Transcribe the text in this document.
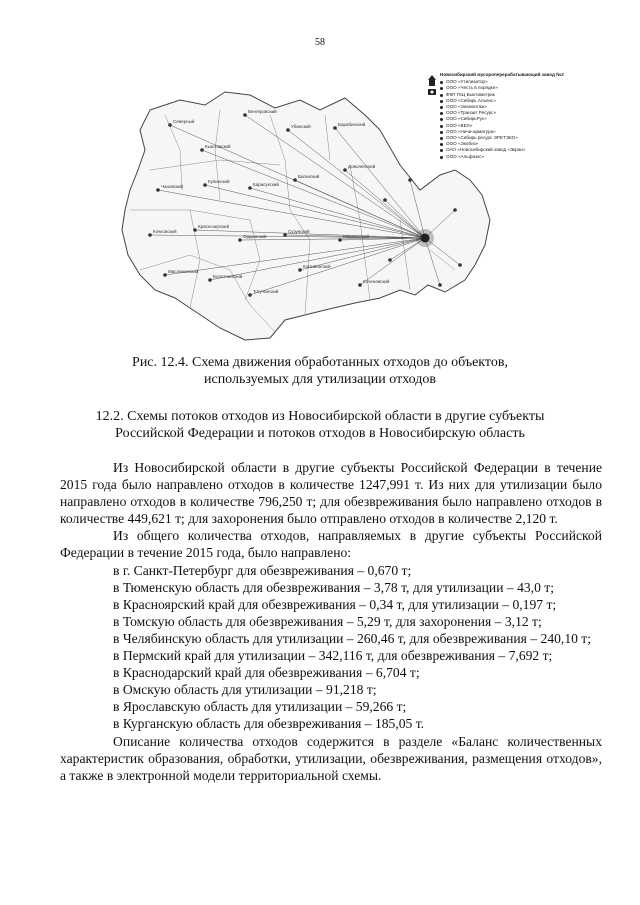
58
Северный
Кыштовский
Венгеровский
Убинский	Барабинский
Чановский
Купинский
Карасукский
Баганский
Доволенский
Кочковский
Краснозерский
Ордынский
Сузунский
Маслянинский
Болотнинский
Тогучинский
Колыванский
Мошковский
Коченевский
Новосибирский мусороперерабатывающий завод №2
ООО «Утилизатор»
ООО «Честь в порядке»
ФКП ГКЦ Бьютиметрик
ООО «Сибирь Альянс»
ООО «Экомонтаж»
ООО «Транзит Ресурс»
ООО «СибирьРус»
ООО «ВЕЛ»
ООО «Ничи-арматура»
ООО «Сибирь ресурс ЭРЕТЭКО»
ООО «Экобиз»
ОАО «Новосибирский завод «Экран»
ООО «Альфаэкс»
Рис. 12.4. Схема движения обработанных отходов до объектов,
используемых для утилизации отходов
12.2. Схемы потоков отходов из Новосибирской области в другие субъекты
Российской Федерации и потоков отходов в Новосибирскую область

Из Новосибирской области в другие субъекты Российской Федерации в течение 2015 года было направлено отходов в количестве 1247,991 т. Из них для утилизации было направлено отходов в количестве 796,250 т; для обезвреживания было направлено отходов в количестве 449,621 т; для захоронения было отправлено отходов в количестве 2,120 т.

Из общего количества отходов, направляемых в другие субъекты Российской Федерации в течение 2015 года, было направлено:

в г. Санкт-Петербург для обезвреживания – 0,670 т;

в Тюменскую область для обезвреживания – 3,78 т, для утилизации – 43,0 т;

в Красноярский край для обезвреживания – 0,34 т, для утилизации – 0,197 т;

в Томскую область для обезвреживания – 5,29 т, для захоронения – 3,12 т;

в Челябинскую область для утилизации – 260,46 т, для обезвреживания – 240,10 т;

в Пермский край для утилизации – 342,116 т, для обезвреживания – 7,692 т;

в Краснодарский край для обезвреживания – 6,704 т;

в Омскую область для утилизации – 91,218 т;

в Ярославскую область для утилизации – 59,266 т;

в Курганскую область для обезвреживания – 185,05 т.

Описание количества отходов содержится в разделе «Баланс количественных характеристик образования, обработки, утилизации, обезвреживания, размещения отходов», а также в электронной модели территориальной схемы.
